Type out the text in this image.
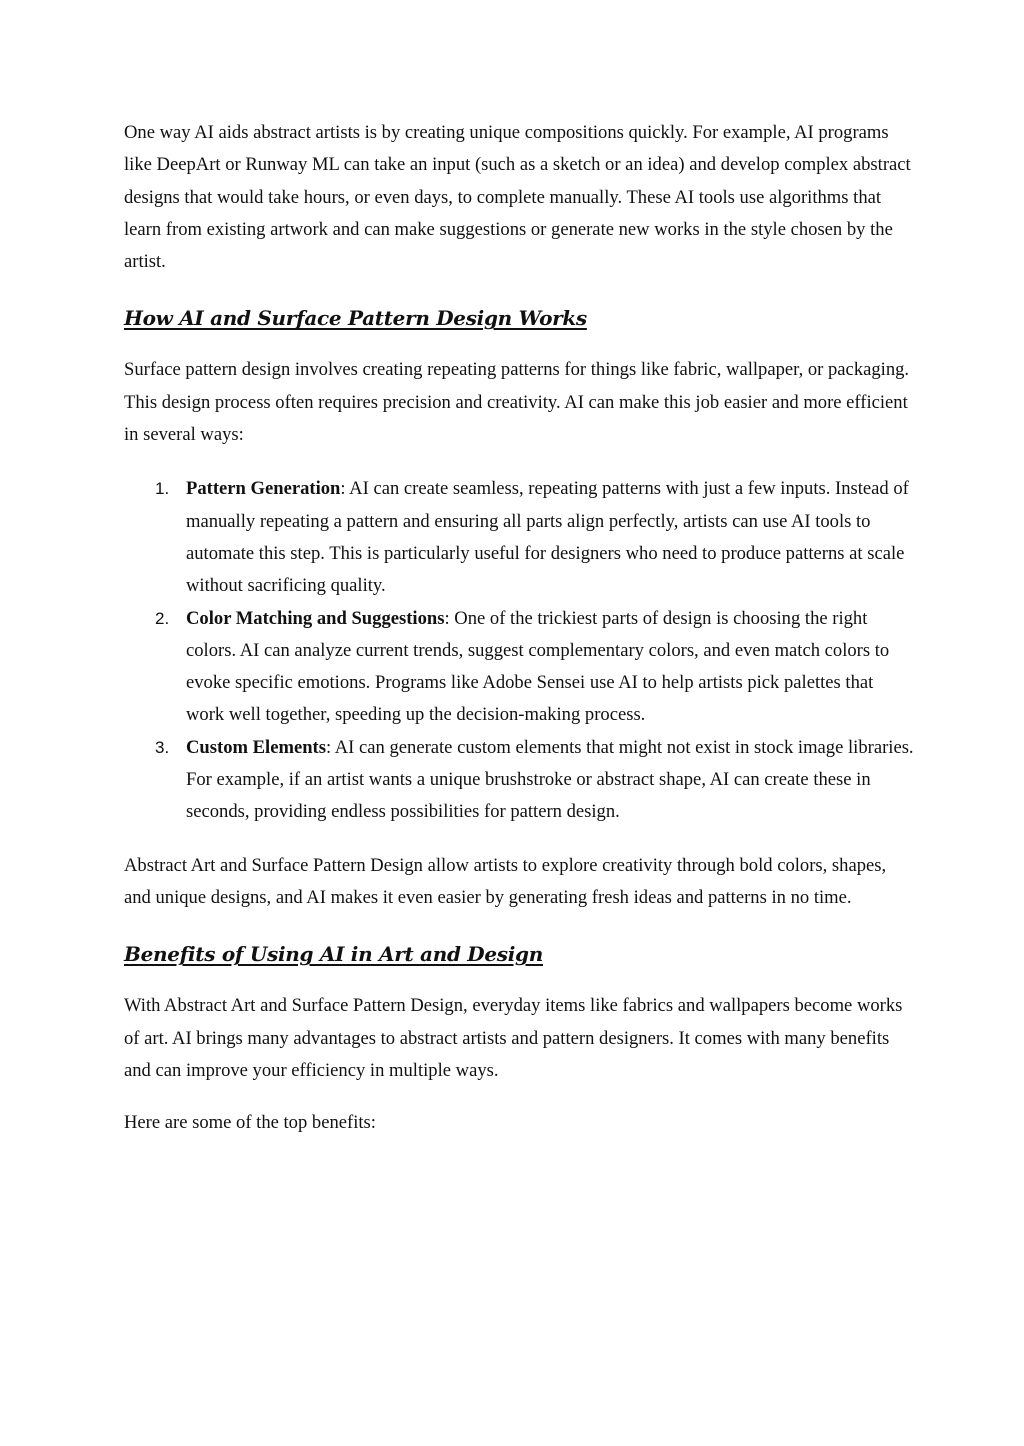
One way AI aids abstract artists is by creating unique compositions quickly. For example, AI programs like DeepArt or Runway ML can take an input (such as a sketch or an idea) and develop complex abstract designs that would take hours, or even days, to complete manually. These AI tools use algorithms that learn from existing artwork and can make suggestions or generate new works in the style chosen by the artist.

How AI and Surface Pattern Design Works

Surface pattern design involves creating repeating patterns for things like fabric, wallpaper, or packaging. This design process often requires precision and creativity. AI can make this job easier and more efficient in several ways:

1. Pattern Generation: AI can create seamless, repeating patterns with just a few inputs. Instead of manually repeating a pattern and ensuring all parts align perfectly, artists can use AI tools to automate this step. This is particularly useful for designers who need to produce patterns at scale without sacrificing quality.
2. Color Matching and Suggestions: One of the trickiest parts of design is choosing the right colors. AI can analyze current trends, suggest complementary colors, and even match colors to evoke specific emotions. Programs like Adobe Sensei use AI to help artists pick palettes that work well together, speeding up the decision-making process.
3. Custom Elements: AI can generate custom elements that might not exist in stock image libraries. For example, if an artist wants a unique brushstroke or abstract shape, AI can create these in seconds, providing endless possibilities for pattern design.

Abstract Art and Surface Pattern Design allow artists to explore creativity through bold colors, shapes, and unique designs, and AI makes it even easier by generating fresh ideas and patterns in no time.

Benefits of Using AI in Art and Design

With Abstract Art and Surface Pattern Design, everyday items like fabrics and wallpapers become works of art. AI brings many advantages to abstract artists and pattern designers. It comes with many benefits and can improve your efficiency in multiple ways.

Here are some of the top benefits:
